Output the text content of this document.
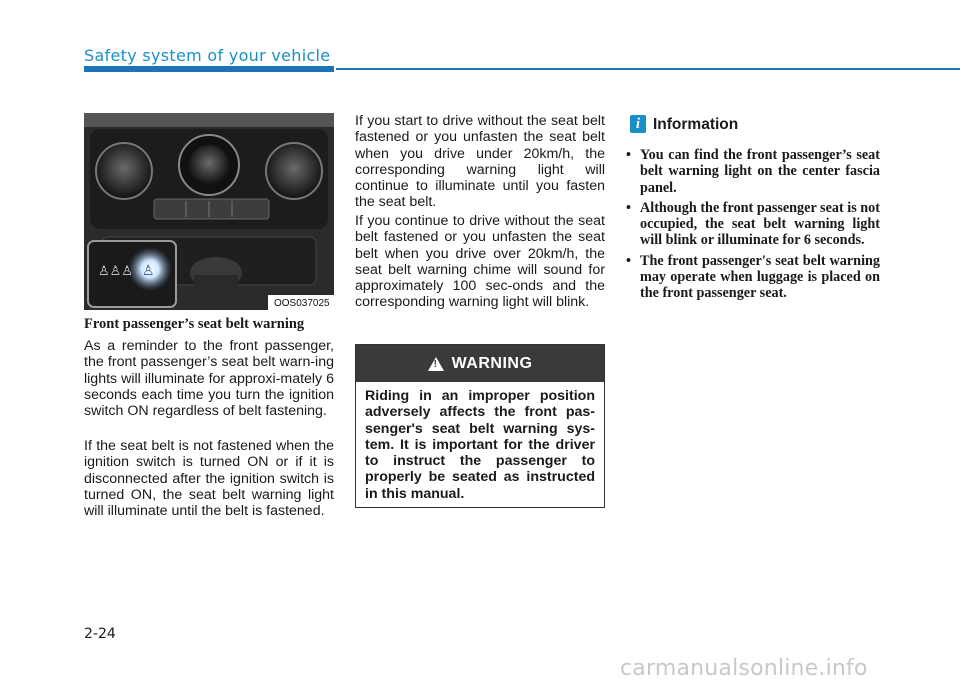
Safety system of your vehicle
♙♙♙ ♙
OOS037025
Front passenger’s seat belt warning

As a reminder to the front passenger, the front passenger’s seat belt warn-ing lights will illuminate for approxi-mately 6 seconds each time you turn the ignition switch ON regardless of belt fastening.

If the seat belt is not fastened when the ignition switch is turned ON or if it is disconnected after the ignition switch is turned ON, the seat belt warning light will illuminate until the belt is fastened.

If you start to drive without the seat belt fastened or you unfasten the seat belt when you drive under 20km/h, the corresponding warning light will continue to illuminate until you fasten the seat belt.

If you continue to drive without the seat belt fastened or you unfasten the seat belt when you drive over 20km/h, the seat belt warning chime will sound for approximately 100 sec-onds and the corresponding warning light will blink.

! WARNING
Riding in an improper position adversely affects the front pas-senger's seat belt warning sys-tem. It is important for the driver to instruct the passenger to properly be seated as instructed in this manual.
i Information
• You can find the front passenger’s seat belt warning light on the center fascia panel.
• Although the front passenger seat is not occupied, the seat belt warning light will blink or illuminate for 6 seconds.
• The front passenger's seat belt warning may operate when luggage is placed on the front passenger seat.
2-24
carmanualsonline.info
